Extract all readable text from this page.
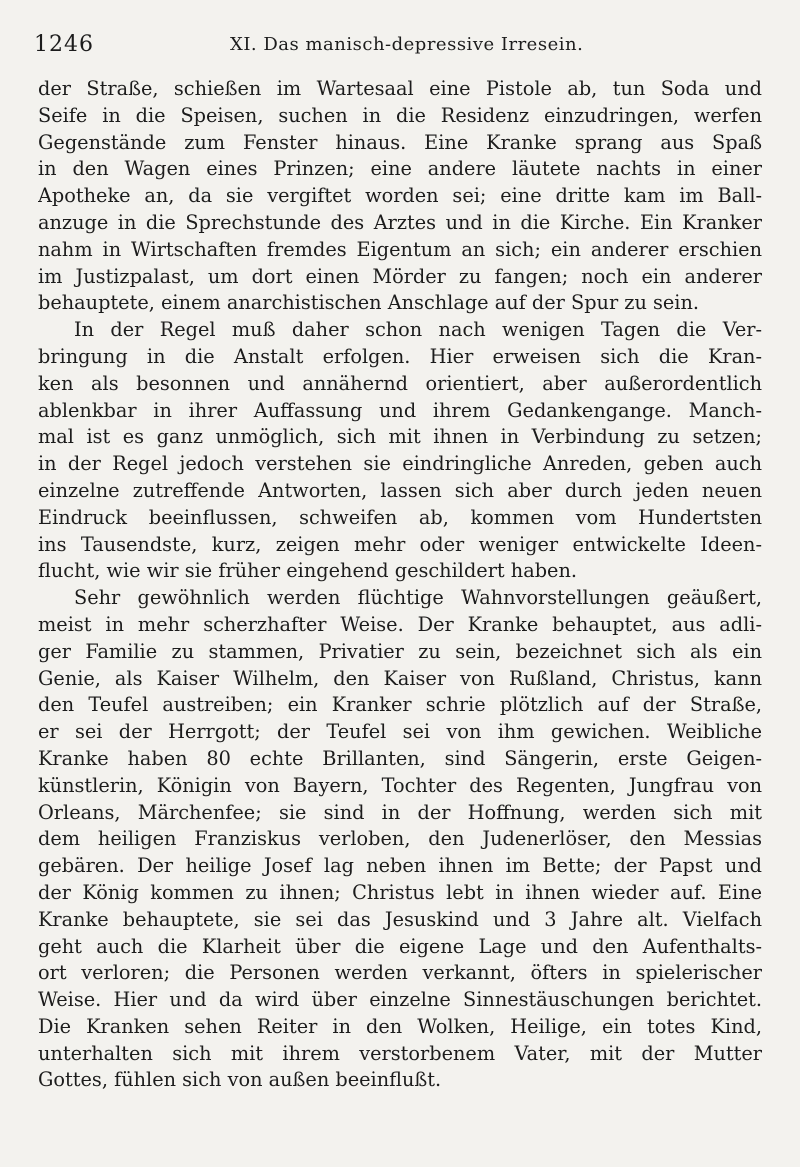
1246	XI. Das manisch-depressive Irresein.
der Straße, schießen im Wartesaal eine Pistole ab, tun Soda und
Seife in die Speisen, suchen in die Residenz einzudringen, werfen
Gegenstände zum Fenster hinaus. Eine Kranke sprang aus Spaß
in den Wagen eines Prinzen; eine andere läutete nachts in einer
Apotheke an, da sie vergiftet worden sei; eine dritte kam im Ball-
anzuge in die Sprechstunde des Arztes und in die Kirche. Ein Kranker
nahm in Wirtschaften fremdes Eigentum an sich; ein anderer erschien
im Justizpalast, um dort einen Mörder zu fangen; noch ein anderer
behauptete, einem anarchistischen Anschlage auf der Spur zu sein.
In der Regel muß daher schon nach wenigen Tagen die Ver-
bringung in die Anstalt erfolgen. Hier erweisen sich die Kran-
ken als besonnen und annähernd orientiert, aber außerordentlich
ablenkbar in ihrer Auffassung und ihrem Gedankengange. Manch-
mal ist es ganz unmöglich, sich mit ihnen in Verbindung zu setzen;
in der Regel jedoch verstehen sie eindringliche Anreden, geben auch
einzelne zutreffende Antworten, lassen sich aber durch jeden neuen
Eindruck beeinflussen, schweifen ab, kommen vom Hundertsten
ins Tausendste, kurz, zeigen mehr oder weniger entwickelte Ideen-
flucht, wie wir sie früher eingehend geschildert haben.
Sehr gewöhnlich werden flüchtige Wahnvorstellungen geäußert,
meist in mehr scherzhafter Weise. Der Kranke behauptet, aus adli-
ger Familie zu stammen, Privatier zu sein, bezeichnet sich als ein
Genie, als Kaiser Wilhelm, den Kaiser von Rußland, Christus, kann
den Teufel austreiben; ein Kranker schrie plötzlich auf der Straße,
er sei der Herrgott; der Teufel sei von ihm gewichen. Weibliche
Kranke haben 80 echte Brillanten, sind Sängerin, erste Geigen-
künstlerin, Königin von Bayern, Tochter des Regenten, Jungfrau von
Orleans, Märchenfee; sie sind in der Hoffnung, werden sich mit
dem heiligen Franziskus verloben, den Judenerlöser, den Messias
gebären. Der heilige Josef lag neben ihnen im Bette; der Papst und
der König kommen zu ihnen; Christus lebt in ihnen wieder auf. Eine
Kranke behauptete, sie sei das Jesuskind und 3 Jahre alt. Vielfach
geht auch die Klarheit über die eigene Lage und den Aufenthalts-
ort verloren; die Personen werden verkannt, öfters in spielerischer
Weise. Hier und da wird über einzelne Sinnestäuschungen berichtet.
Die Kranken sehen Reiter in den Wolken, Heilige, ein totes Kind,
unterhalten sich mit ihrem verstorbenem Vater, mit der Mutter
Gottes, fühlen sich von außen beeinflußt.
